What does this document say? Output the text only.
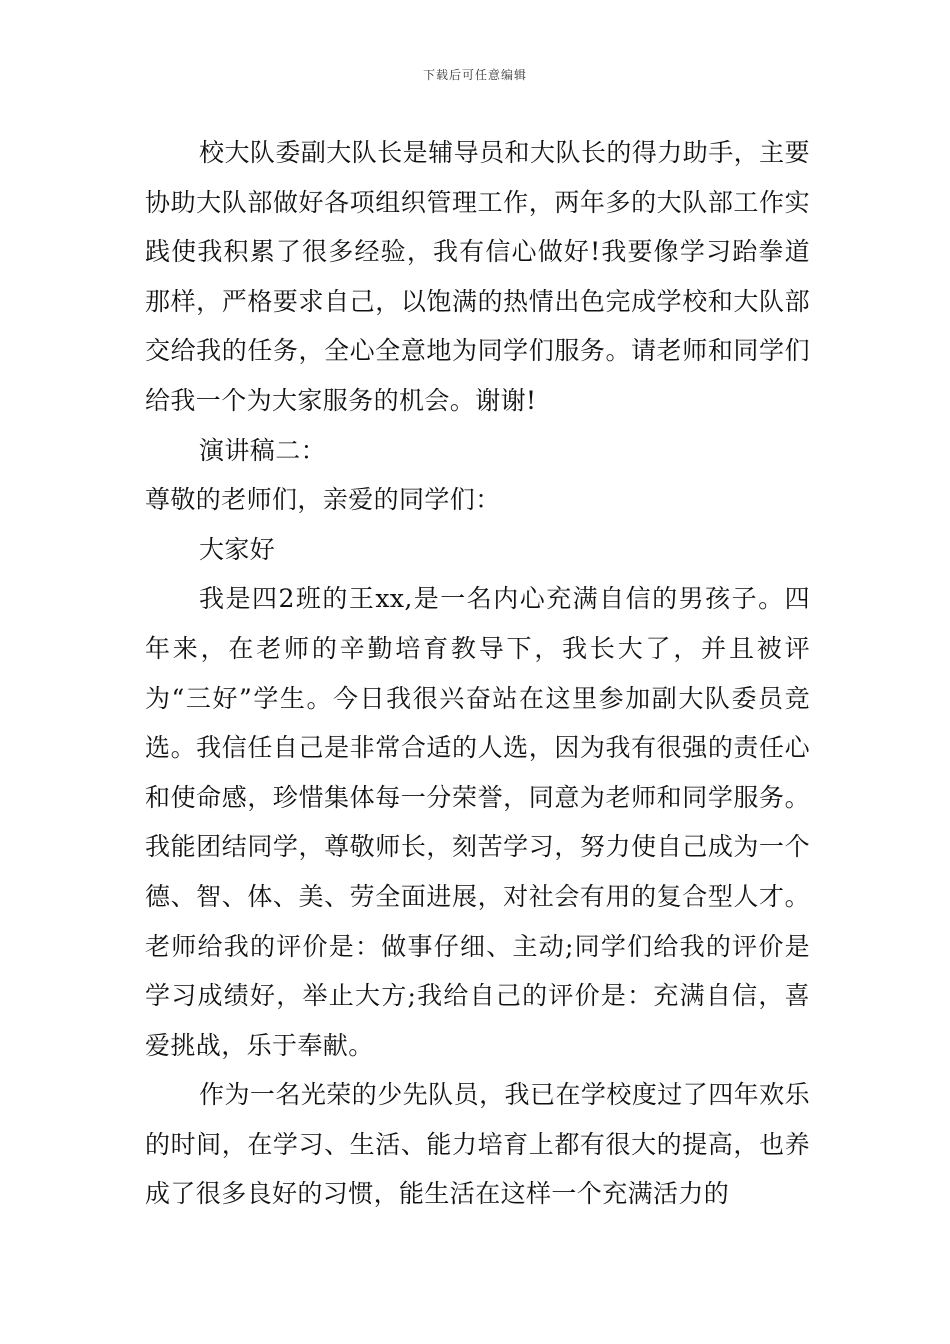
下载后可任意编辑

校大队委副大队长是辅导员和大队长的得力助手，主要协助大队部做好各项组织管理工作，两年多的大队部工作实践使我积累了很多经验，我有信心做好!我要像学习跆拳道那样，严格要求自己，以饱满的热情出色完成学校和大队部交给我的任务，全心全意地为同学们服务。请老师和同学们给我一个为大家服务的机会。谢谢!

演讲稿二：

尊敬的老师们，亲爱的同学们：

大家好

我是四2班的王xx,是一名内心充满自信的男孩子。四年来，在老师的辛勤培育教导下，我长大了，并且被评为“三好”学生。今日我很兴奋站在这里参加副大队委员竞选。我信任自己是非常合适的人选，因为我有很强的责任心和使命感，珍惜集体每一分荣誉，同意为老师和同学服务。我能团结同学，尊敬师长，刻苦学习，努力使自己成为一个德、智、体、美、劳全面进展，对社会有用的复合型人才。老师给我的评价是：做事仔细、主动;同学们给我的评价是学习成绩好，举止大方;我给自己的评价是：充满自信，喜爱挑战，乐于奉献。

作为一名光荣的少先队员，我已在学校度过了四年欢乐的时间，在学习、生活、能力培育上都有很大的提高，也养成了很多良好的习惯，能生活在这样一个充满活力的
